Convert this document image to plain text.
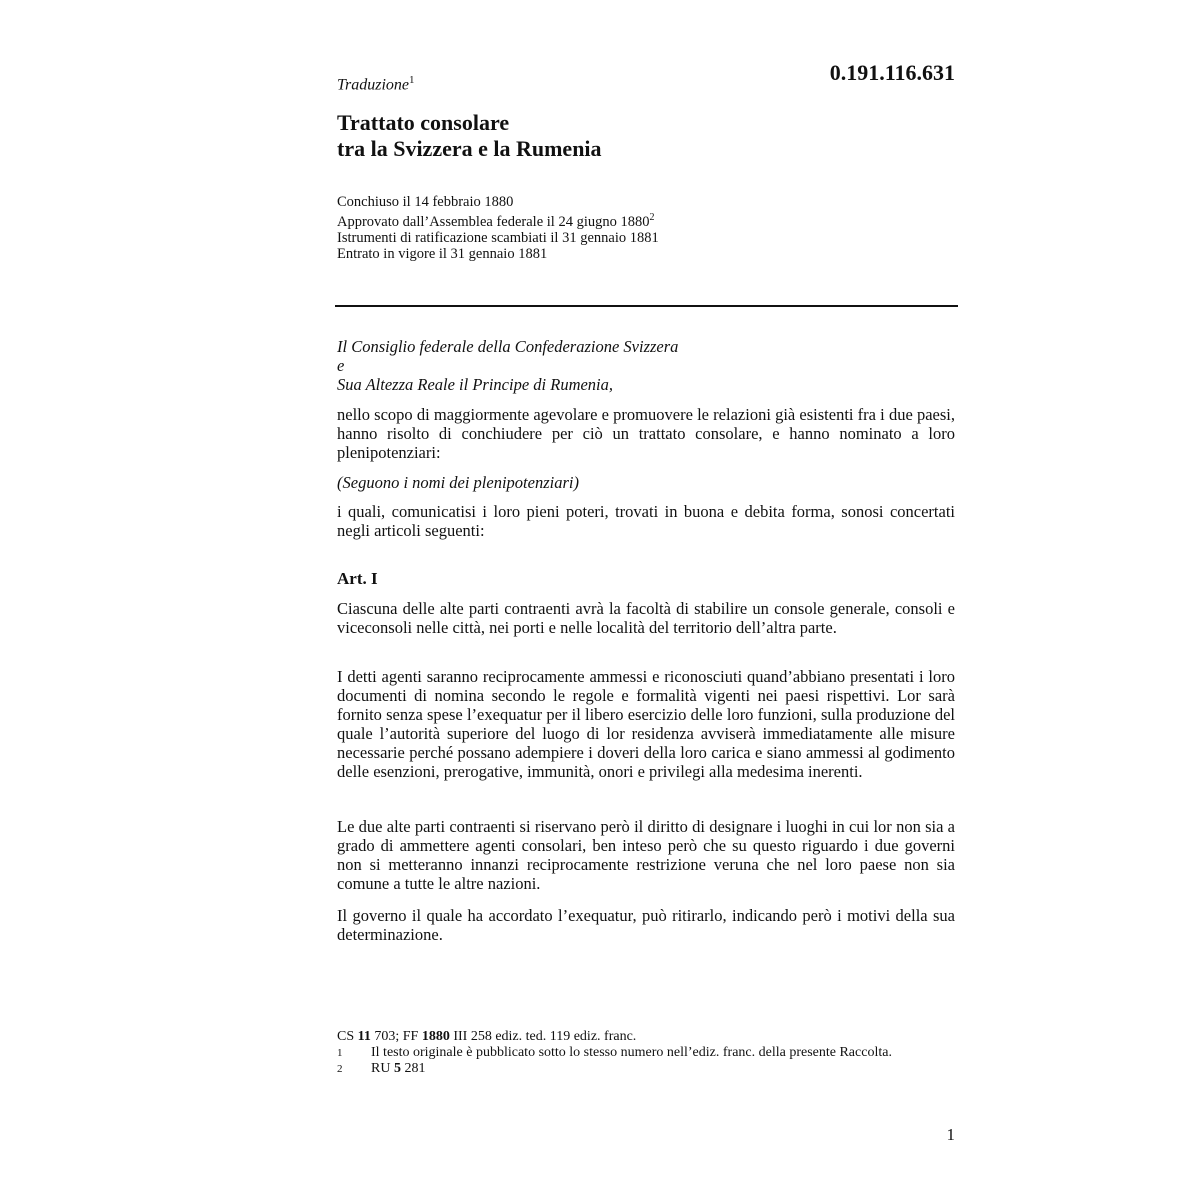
0.191.116.631
Traduzione$^1$
Trattato consolare
tra la Svizzera e la Rumenia
Conchiuso il 14 febbraio 1880
Approvato dall’Assemblea federale il 24 giugno 1880$^2$
Istrumenti di ratificazione scambiati il 31 gennaio 1881
Entrato in vigore il 31 gennaio 1881
Il Consiglio federale della Confederazione Svizzera
e
Sua Altezza Reale il Principe di Rumenia,

nello scopo di maggiormente agevolare e promuovere le relazioni già esistenti fra i due paesi, hanno risolto di conchiudere per ciò un trattato consolare, e hanno nominato a loro plenipotenziari:

(Seguono i nomi dei plenipotenziari)

i quali, comunicatisi i loro pieni poteri, trovati in buona e debita forma, sonosi concertati negli articoli seguenti:

Art. I

Ciascuna delle alte parti contraenti avrà la facoltà di stabilire un console generale, consoli e viceconsoli nelle città, nei porti e nelle località del territorio dell’altra parte.

I detti agenti saranno reciprocamente ammessi e riconosciuti quand’abbiano presentati i loro documenti di nomina secondo le regole e formalità vigenti nei paesi rispettivi. Lor sarà fornito senza spese l’exequatur per il libero esercizio delle loro funzioni, sulla produzione del quale l’autorità superiore del luogo di lor residenza avviserà immediatamente alle misure necessarie perché possano adempiere i doveri della loro carica e siano ammessi al godimento delle esenzioni, prerogative, immunità, onori e privilegi alla medesima inerenti.

Le due alte parti contraenti si riservano però il diritto di designare i luoghi in cui lor non sia a grado di ammettere agenti consolari, ben inteso però che su questo riguardo i due governi non si metteranno innanzi reciprocamente restrizione veruna che nel loro paese non sia comune a tutte le altre nazioni.

Il governo il quale ha accordato l’exequatur, può ritirarlo, indicando però i motivi della sua determinazione.

CS 11 703; FF 1880 III 258 ediz. ted. 119 ediz. franc.
1	Il testo originale è pubblicato sotto lo stesso numero nell’ediz. franc. della presente Raccolta.
2	RU 5 281
1
